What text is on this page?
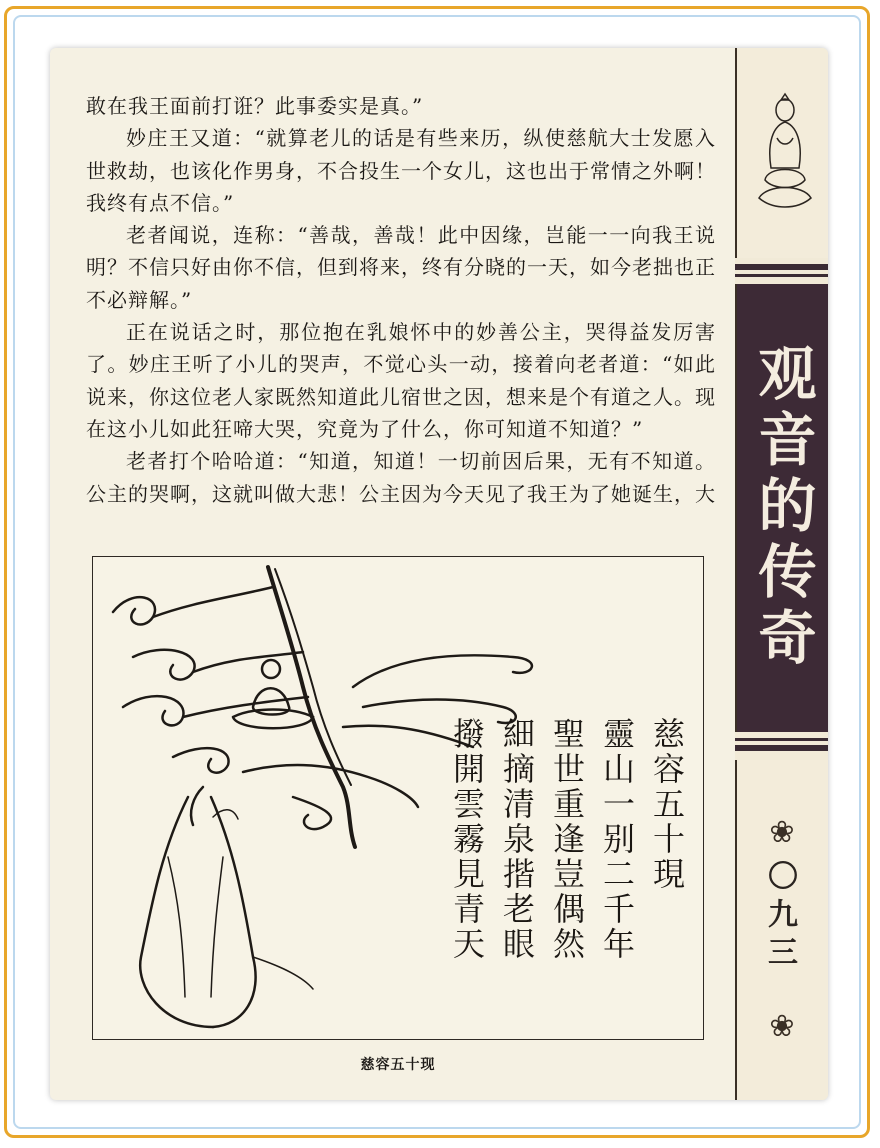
敢在我王面前打诳？此事委实是真。”

妙庄王又道：“就算老儿的话是有些来历，纵使慈航大士发愿入世救劫，也该化作男身，不合投生一个女儿，这也出于常情之外啊！我终有点不信。”

老者闻说，连称：“善哉，善哉！此中因缘，岂能一一向我王说明？不信只好由你不信，但到将来，终有分晓的一天，如今老拙也正不必辩解。”

正在说话之时，那位抱在乳娘怀中的妙善公主，哭得益发厉害了。妙庄王听了小儿的哭声，不觉心头一动，接着向老者道：“如此说来，你这位老人家既然知道此儿宿世之因，想来是个有道之人。现在这小儿如此狂啼大哭，究竟为了什么，你可知道不知道？”

老者打个哈哈道：“知道，知道！一切前因后果，无有不知道。公主的哭啊，这就叫做大悲！公主因为今天见了我王为了她诞生，大

慈容五十現
靈山一别二千年
聖世重逢豈偶然
細摘清泉揩老眼
撥開雲霧見青天
慈容五十现
观音的传奇
❀
〇九三
❀
